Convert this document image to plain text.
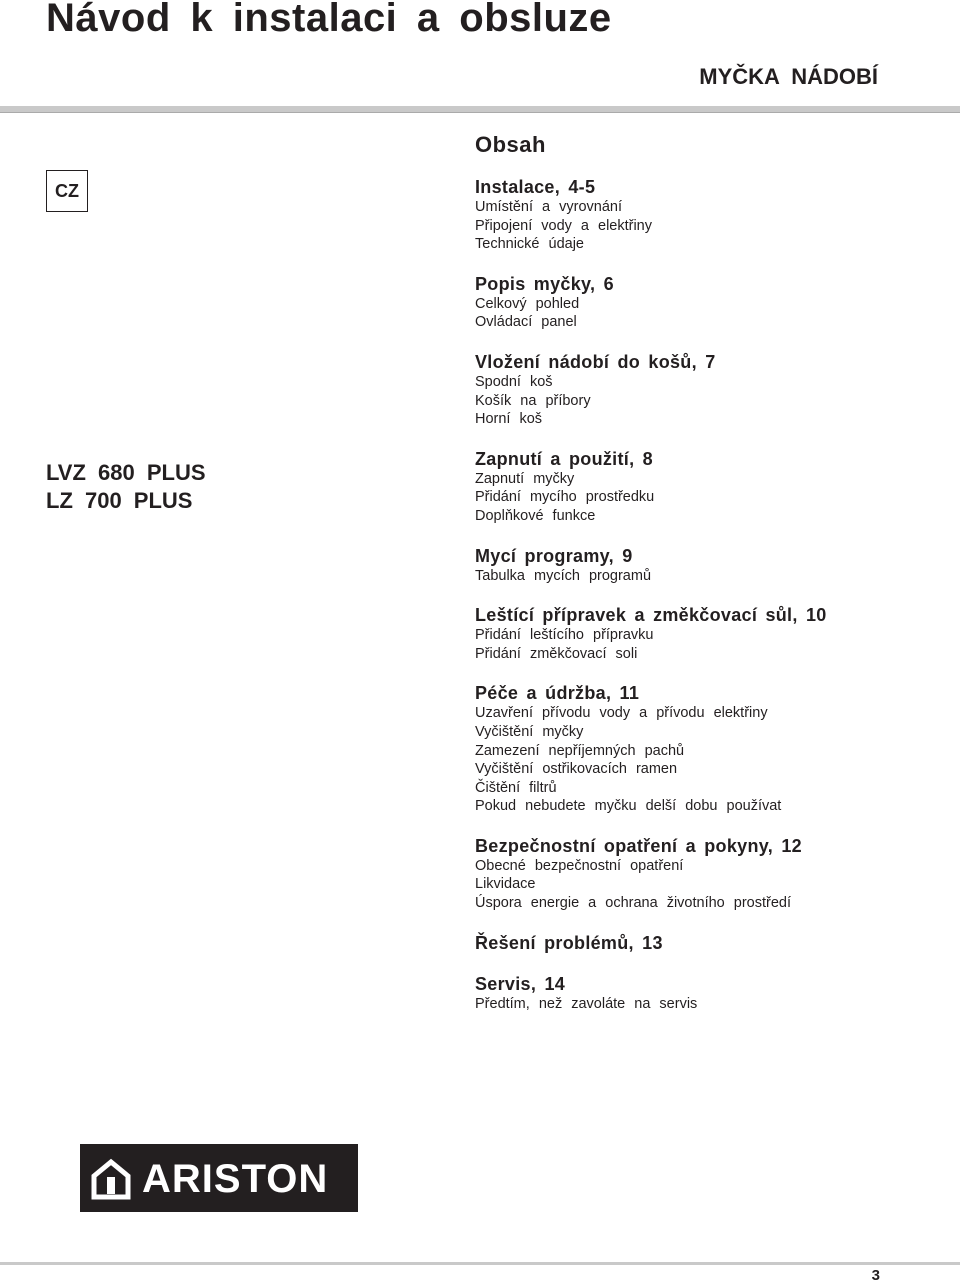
Návod k instalaci a obsluze
MYČKA NÁDOBÍ
CZ
LVZ 680 PLUS
LZ 700 PLUS
Obsah
Instalace, 4-5
Umístění a vyrovnání
Připojení vody a elektřiny
Technické údaje
Popis myčky, 6
Celkový pohled
Ovládací panel
Vložení nádobí do košů, 7
Spodní koš
Košík na příbory
Horní koš
Zapnutí a použití, 8
Zapnutí myčky
Přidání mycího prostředku
Doplňkové funkce
Mycí programy, 9
Tabulka mycích programů
Leštící přípravek a změkčovací sůl, 10
Přidání leštícího přípravku
Přidání změkčovací soli
Péče a údržba, 11
Uzavření přívodu vody a přívodu elektřiny
Vyčištění myčky
Zamezení nepříjemných pachů
Vyčištění ostřikovacích ramen
Čištění filtrů
Pokud nebudete myčku delší dobu používat
Bezpečnostní opatření a pokyny, 12
Obecné bezpečnostní opatření
Likvidace
Úspora energie a ochrana životního prostředí
Řešení problémů, 13
Servis, 14
Předtím, než zavoláte na servis
ARISTON
3
